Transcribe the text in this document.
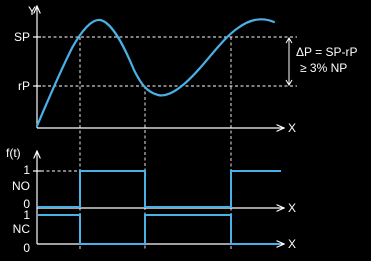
Y
X
SP
rP
ΔP = SP-rP
≥ 3% NP
f(t)
X
1
NO
0
X
1
NC
0
